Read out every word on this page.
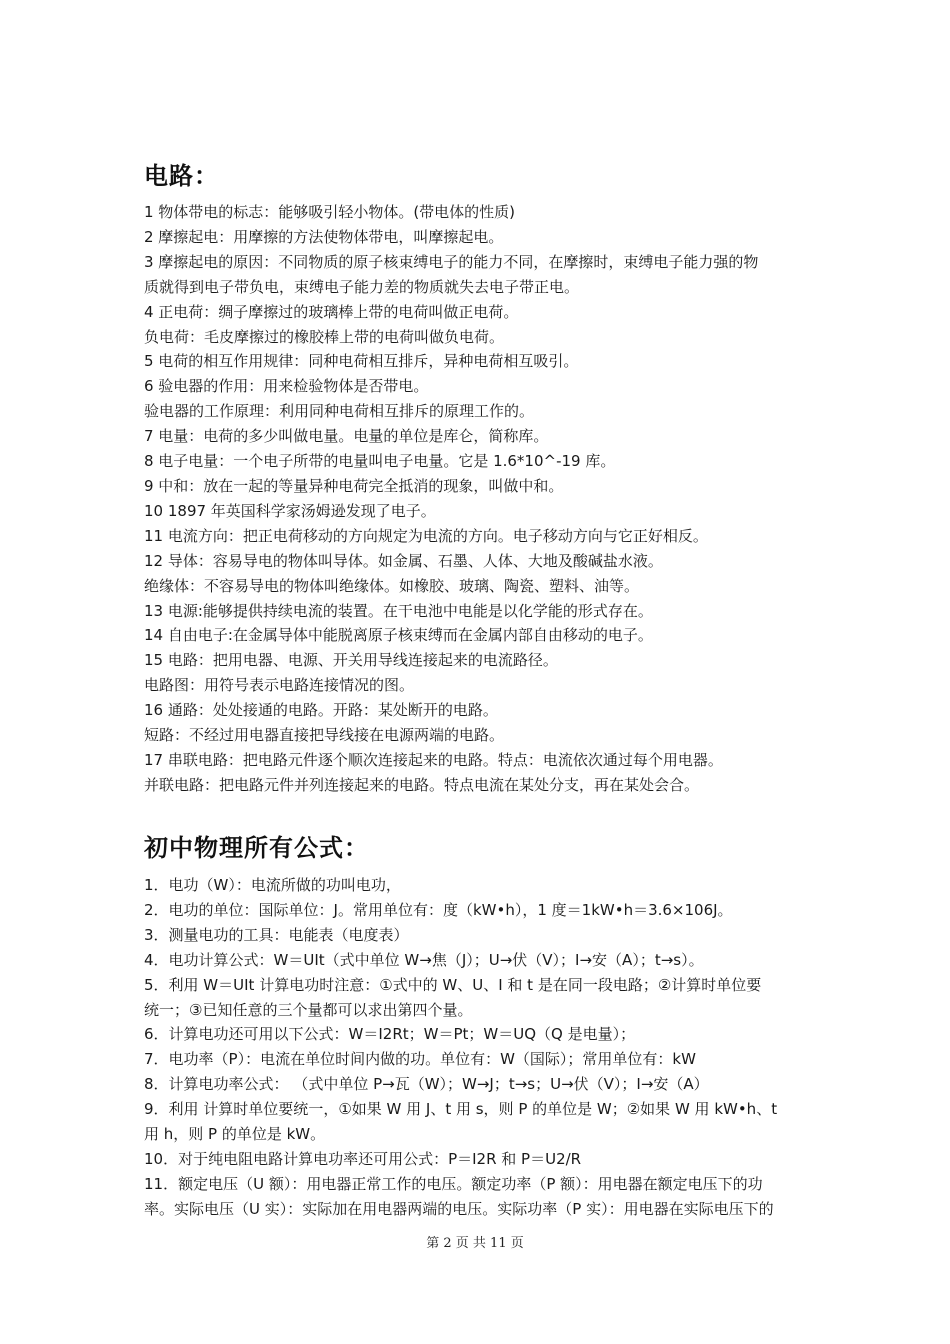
电路：
1 物体带电的标志：能够吸引轻小物体。(带电体的性质)
2 摩擦起电：用摩擦的方法使物体带电，叫摩擦起电。
3 摩擦起电的原因：不同物质的原子核束缚电子的能力不同，在摩擦时，束缚电子能力强的物
质就得到电子带负电，束缚电子能力差的物质就失去电子带正电。
4 正电荷：绸子摩擦过的玻璃棒上带的电荷叫做正电荷。
负电荷：毛皮摩擦过的橡胶棒上带的电荷叫做负电荷。
5 电荷的相互作用规律：同种电荷相互排斥，异种电荷相互吸引。
6 验电器的作用：用来检验物体是否带电。
验电器的工作原理：利用同种电荷相互排斥的原理工作的。
7 电量：电荷的多少叫做电量。电量的单位是库仑，简称库。
8 电子电量：一个电子所带的电量叫电子电量。它是 1.6*10^-19 库。
9 中和：放在一起的等量异种电荷完全抵消的现象，叫做中和。
10 1897 年英国科学家汤姆逊发现了电子。
11 电流方向：把正电荷移动的方向规定为电流的方向。电子移动方向与它正好相反。
12 导体：容易导电的物体叫导体。如金属、石墨、人体、大地及酸碱盐水液。
绝缘体：不容易导电的物体叫绝缘体。如橡胶、玻璃、陶瓷、塑料、油等。
13 电源:能够提供持续电流的装置。在干电池中电能是以化学能的形式存在。
14 自由电子:在金属导体中能脱离原子核束缚而在金属内部自由移动的电子。
15 电路：把用电器、电源、开关用导线连接起来的电流路径。
电路图：用符号表示电路连接情况的图。
16 通路：处处接通的电路。开路：某处断开的电路。
短路：不经过用电器直接把导线接在电源两端的电路。
17 串联电路：把电路元件逐个顺次连接起来的电路。特点：电流依次通过每个用电器。
并联电路：把电路元件并列连接起来的电路。特点电流在某处分支，再在某处会合。
初中物理所有公式：
1．电功（W）：电流所做的功叫电功，
2．电功的单位：国际单位：J。常用单位有：度（kW•h），1 度＝1kW•h＝3.6×106J。
3．测量电功的工具：电能表（电度表）
4．电功计算公式：W＝UIt（式中单位 W→焦（J）；U→伏（V）；I→安（A）；t→s）。
5．利用 W＝UIt 计算电功时注意：①式中的 W、U、I 和 t 是在同一段电路；②计算时单位要
统一；③已知任意的三个量都可以求出第四个量。
6．计算电功还可用以下公式：W＝I2Rt；W＝Pt；W＝UQ（Q 是电量）；
7．电功率（P）：电流在单位时间内做的功。单位有：W（国际）；常用单位有：kW
8．计算电功率公式： （式中单位 P→瓦（W）；W→J；t→s；U→伏（V）；I→安（A）
9．利用 计算时单位要统一，①如果 W 用 J、t 用 s，则 P 的单位是 W；②如果 W 用 kW•h、t
用 h，则 P 的单位是 kW。
10．对于纯电阻电路计算电功率还可用公式：P＝I2R 和 P＝U2/R
11．额定电压（U 额）：用电器正常工作的电压。额定功率（P 额）：用电器在额定电压下的功
率。实际电压（U 实）：实际加在用电器两端的电压。实际功率（P 实）：用电器在实际电压下的
第 2 页 共 11 页
